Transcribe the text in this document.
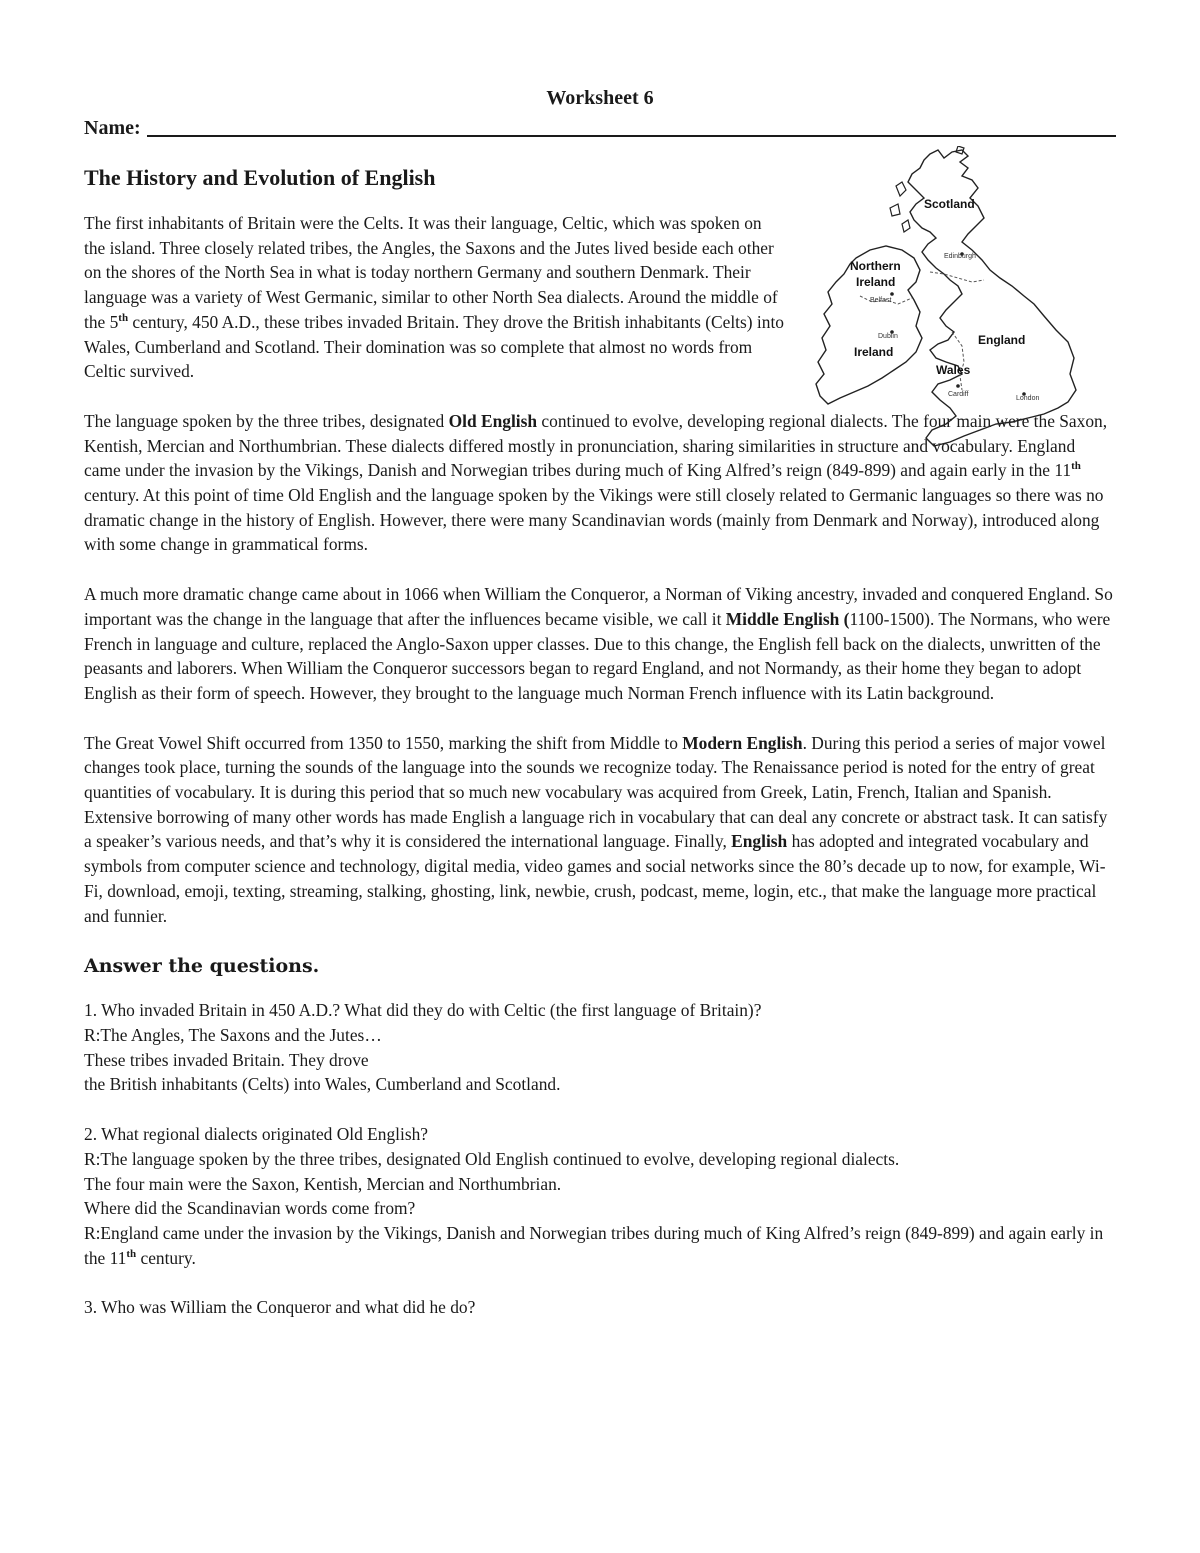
Worksheet 6
Name:
The History and Evolution of English

The first inhabitants of Britain were the Celts. It was their language, Celtic, which was spoken on the island. Three closely related tribes, the Angles, the Saxons and the Jutes lived beside each other on the shores of the North Sea in what is today northern Germany and southern Denmark. Their language was a variety of West Germanic, similar to other North Sea dialects. Around the middle of the 5th century, 450 A.D., these tribes invaded Britain. They drove the British inhabitants (Celts) into Wales, Cumberland and Scotland. Their domination was so complete that almost no words from Celtic survived.

The language spoken by the three tribes, designated Old English continued to evolve, developing regional dialects. The four main were the Saxon, Kentish, Mercian and Northumbrian. These dialects differed mostly in pronunciation, sharing similarities in structure and vocabulary. England came under the invasion by the Vikings, Danish and Norwegian tribes during much of King Alfred’s reign (849-899) and again early in the 11th century. At this point of time Old English and the language spoken by the Vikings were still closely related to Germanic languages so there was no dramatic change in the history of English. However, there were many Scandinavian words (mainly from Denmark and Norway), introduced along with some change in grammatical forms.

A much more dramatic change came about in 1066 when William the Conqueror, a Norman of Viking ancestry, invaded and conquered England. So important was the change in the language that after the influences became visible, we call it Middle English (1100-1500). The Normans, who were French in language and culture, replaced the Anglo-Saxon upper classes. Due to this change, the English fell back on the dialects, unwritten of the peasants and laborers. When William the Conqueror successors began to regard England, and not Normandy, as their home they began to adopt English as their form of speech. However, they brought to the language much Norman French influence with its Latin background.

The Great Vowel Shift occurred from 1350 to 1550, marking the shift from Middle to Modern English. During this period a series of major vowel changes took place, turning the sounds of the language into the sounds we recognize today. The Renaissance period is noted for the entry of great quantities of vocabulary. It is during this period that so much new vocabulary was acquired from Greek, Latin, French, Italian and Spanish. Extensive borrowing of many other words has made English a language rich in vocabulary that can deal any concrete or abstract task. It can satisfy a speaker’s various needs, and that’s why it is considered the international language. Finally, English has adopted and integrated vocabulary and symbols from computer science and technology, digital media, video games and social networks since the 80’s decade up to now, for example, Wi-Fi, download, emoji, texting, streaming, stalking, ghosting, link, newbie, crush, podcast, meme, login, etc., that make the language more practical and funnier.

Answer the questions.

1. Who invaded Britain in 450 A.D.? What did they do with Celtic (the first language of Britain)?

R:The Angles, The Saxons and the Jutes…

These tribes invaded Britain. They drove

the British inhabitants (Celts) into Wales, Cumberland and Scotland.

2. What regional dialects originated Old English?

R:The language spoken by the three tribes, designated Old English continued to evolve, developing regional dialects.

The four main were the Saxon, Kentish, Mercian and Northumbrian.

Where did the Scandinavian words come from?

R:England came under the invasion by the Vikings, Danish and Norwegian tribes during much of King Alfred’s reign (849-899) and again early in the 11th century.

3. Who was William the Conqueror and what did he do?

Scotland
Edinburgh
Northern
Ireland
Belfast
Dublin
Ireland
England
Wales
Cardiff
London
